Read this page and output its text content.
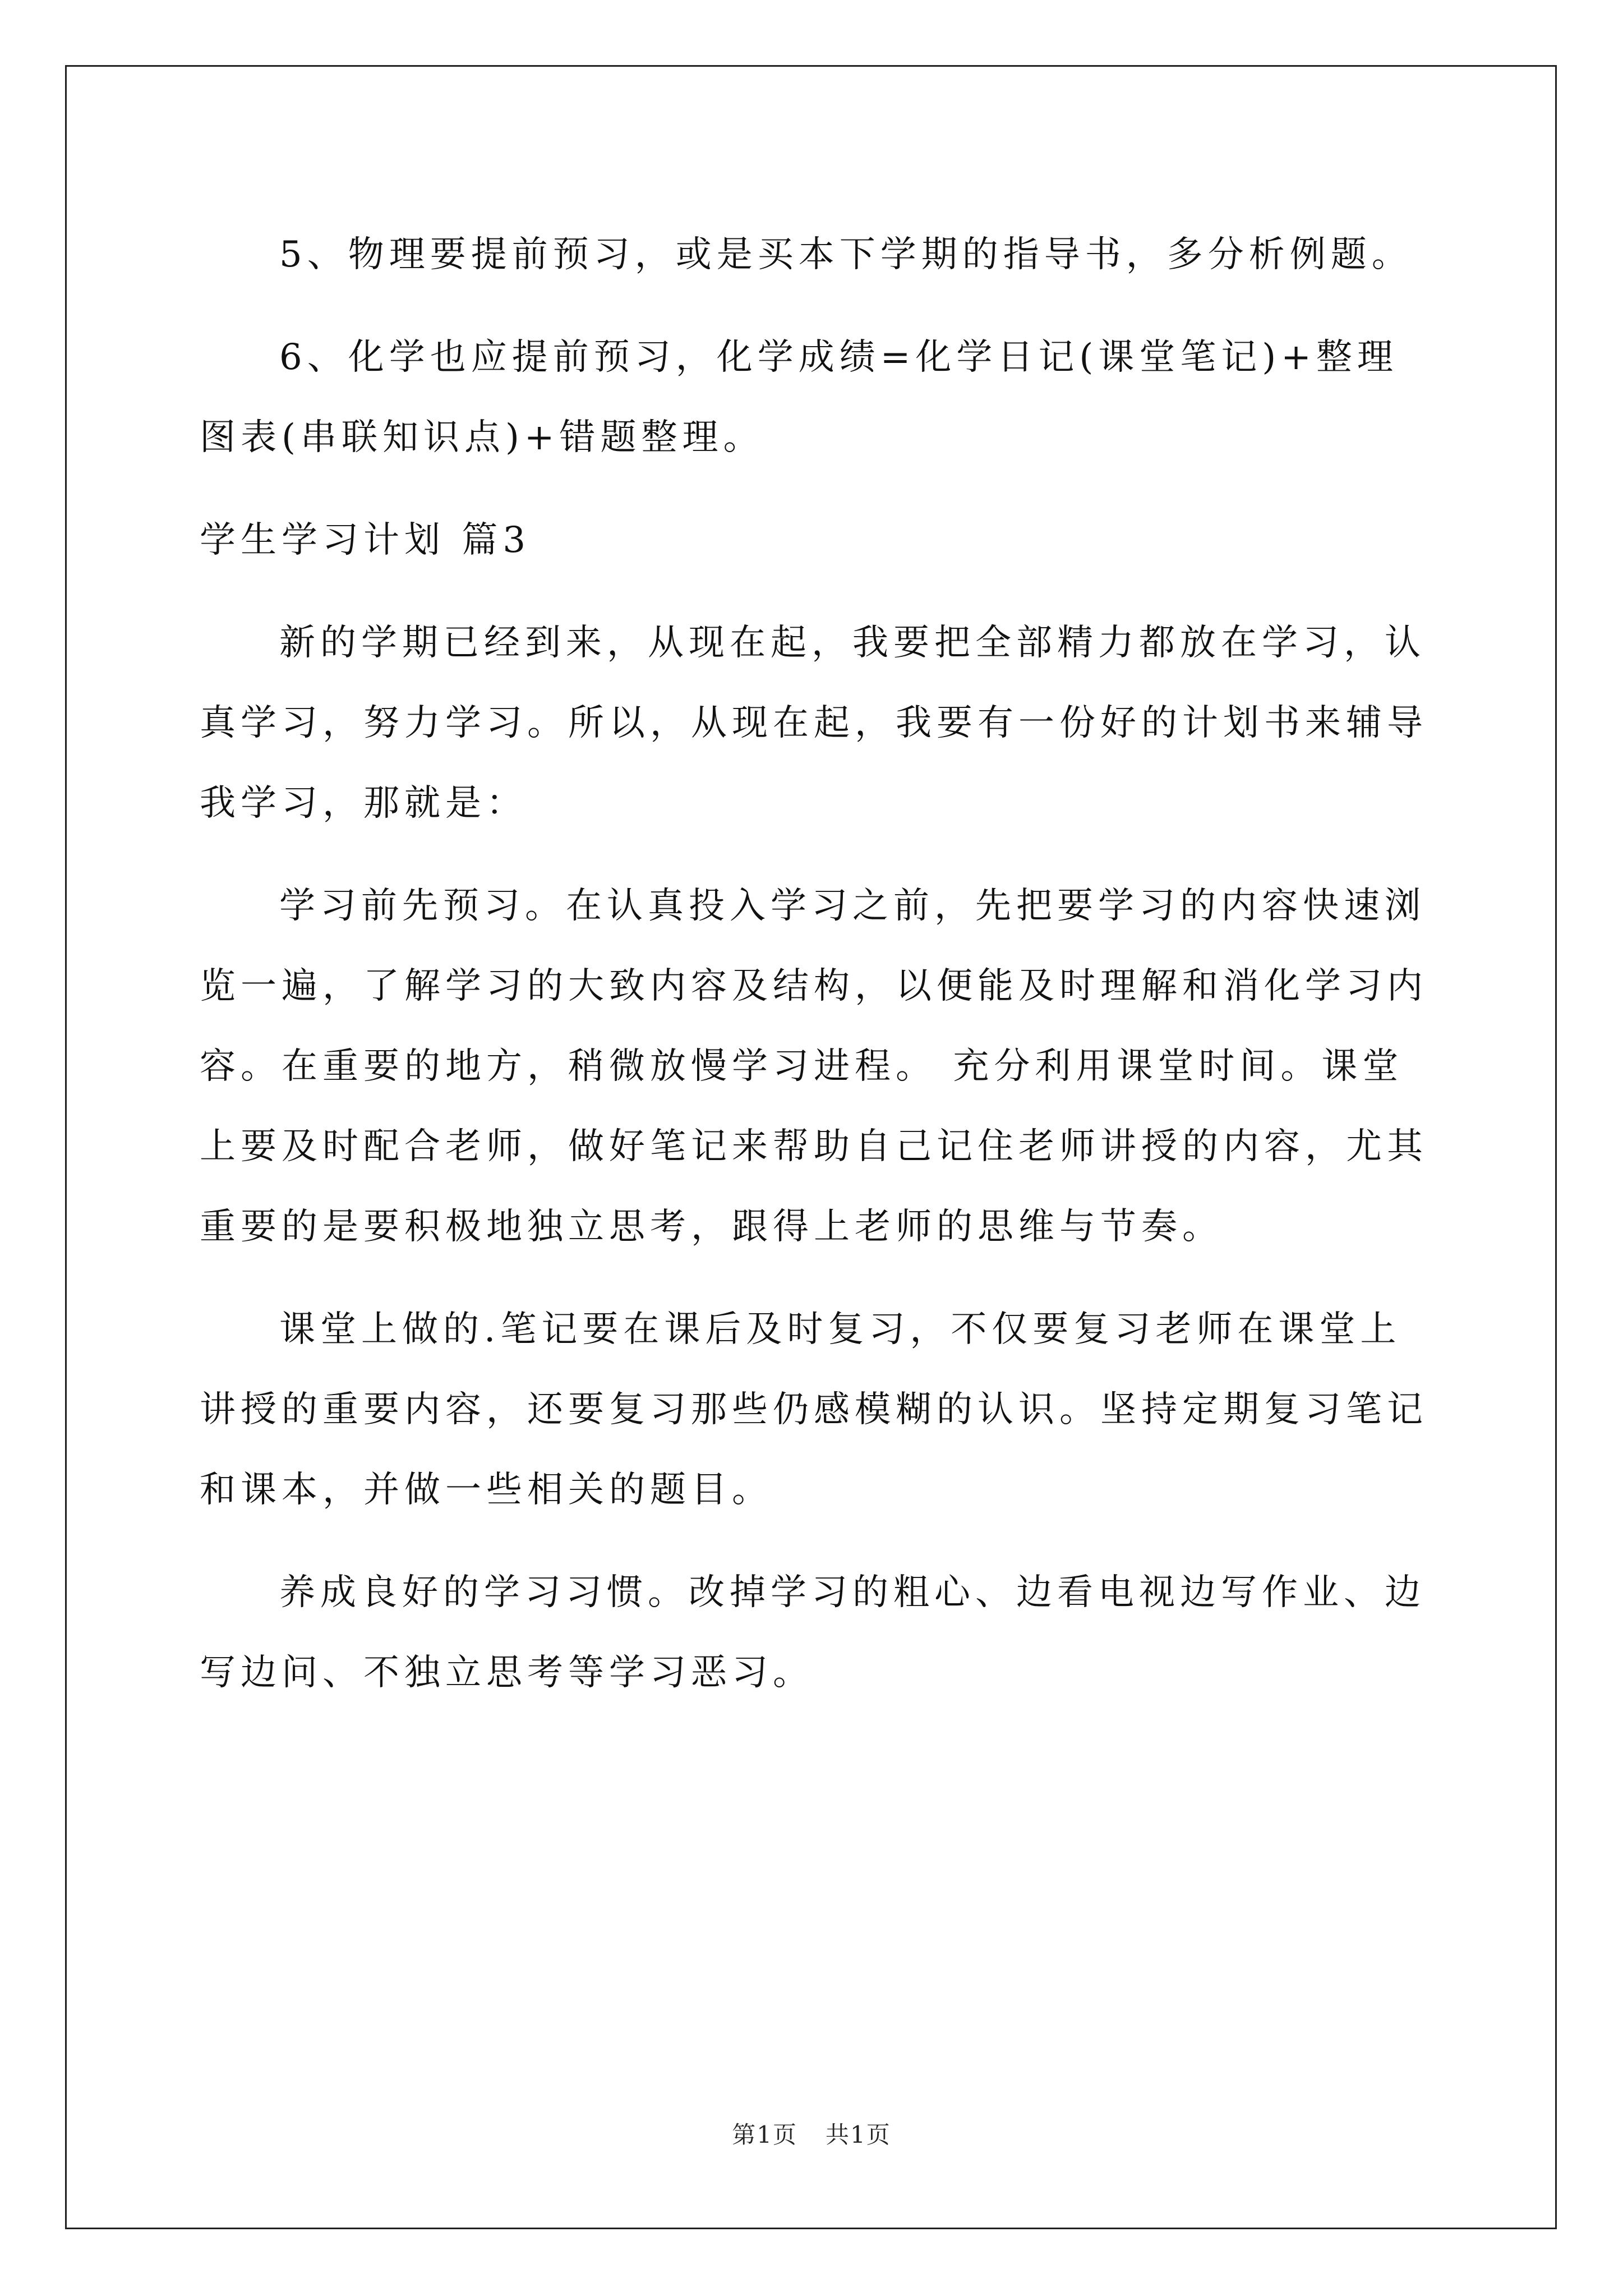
5、物理要提前预习，或是买本下学期的指导书，多分析例题。

6、化学也应提前预习，化学成绩=化学日记(课堂笔记)+整理图表(串联知识点)+错题整理。

学生学习计划 篇3

新的学期已经到来，从现在起，我要把全部精力都放在学习，认真学习，努力学习。所以，从现在起，我要有一份好的计划书来辅导我学习，那就是：

学习前先预习。在认真投入学习之前，先把要学习的内容快速浏览一遍，了解学习的大致内容及结构，以便能及时理解和消化学习内容。在重要的地方，稍微放慢学习进程。 充分利用课堂时间。课堂上要及时配合老师，做好笔记来帮助自己记住老师讲授的内容，尤其重要的是要积极地独立思考，跟得上老师的思维与节奏。

课堂上做的.笔记要在课后及时复习，不仅要复习老师在课堂上讲授的重要内容，还要复习那些仍感模糊的认识。坚持定期复习笔记和课本，并做一些相关的题目。

养成良好的学习习惯。改掉学习的粗心、边看电视边写作业、边写边问、不独立思考等学习恶习。

第1页 共1页
